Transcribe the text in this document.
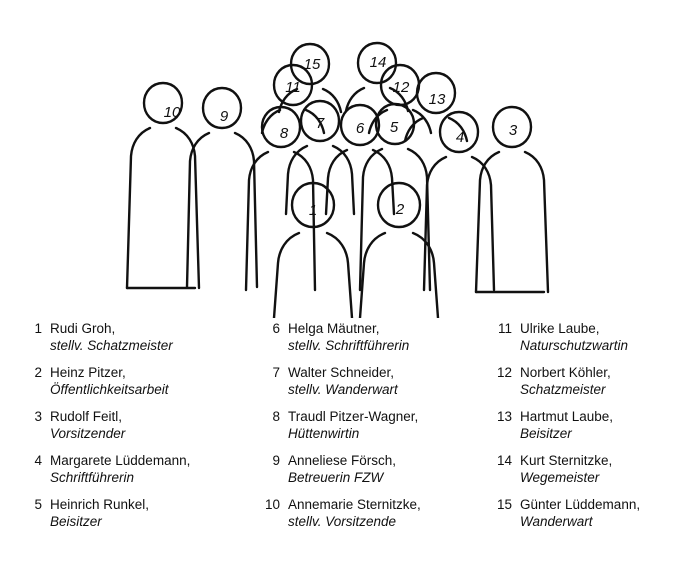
10	9
11
15	14
12
13
8
7 6 5
4	3
1	2
1 Rudi Groh,
stellv. Schatzmeister
2 Heinz Pitzer,
Öffentlichkeitsarbeit
3 Rudolf Feitl,
Vorsitzender
4 Margarete Lüddemann,
Schriftführerin
5 Heinrich Runkel,
Beisitzer
6 Helga Mäutner,
stellv. Schriftführerin
7 Walter Schneider,
stellv. Wanderwart
8 Traudl Pitzer-Wagner,
Hüttenwirtin
9 Anneliese Försch,
Betreuerin FZW
10 Annemarie Sternitzke,
stellv. Vorsitzende
11 Ulrike Laube,
Naturschutzwartin
12 Norbert Köhler,
Schatzmeister
13 Hartmut Laube,
Beisitzer
14 Kurt Sternitzke,
Wegemeister
15 Günter Lüddemann,
Wanderwart
